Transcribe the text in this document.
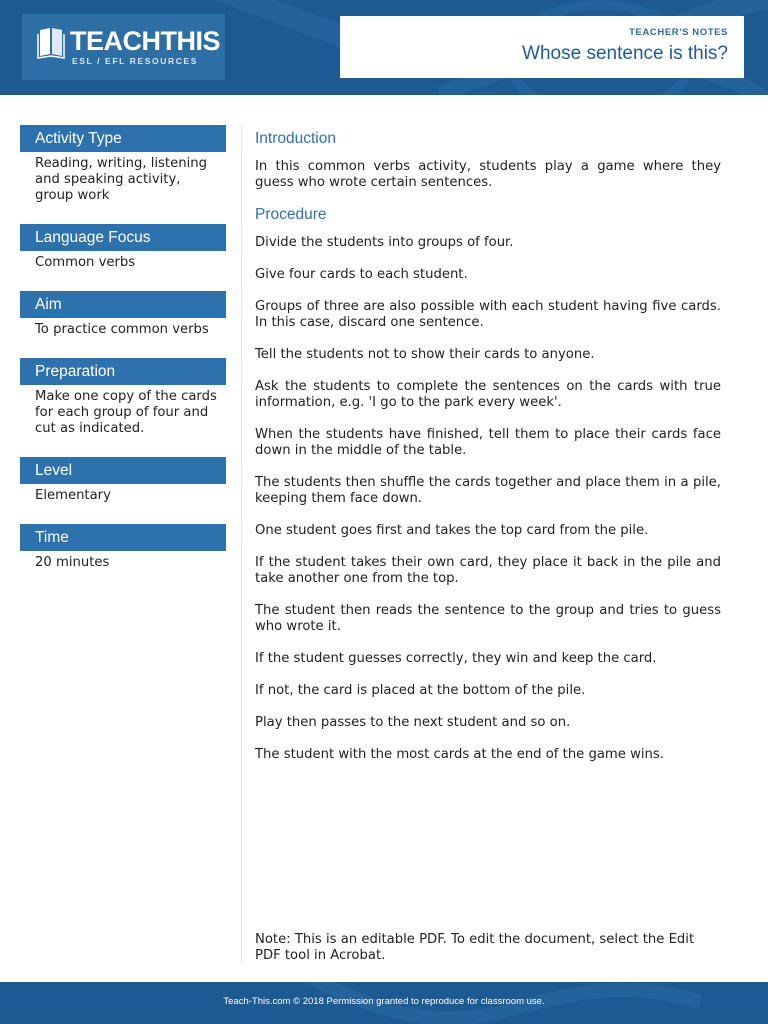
TEACHTHIS
ESL / EFL RESOURCES
TEACHER'S NOTES
Whose sentence is this?
Activity Type
Reading, writing, listening and speaking activity, group work
Language Focus
Common verbs
Aim
To practice common verbs
Preparation
Make one copy of the cards for each group of four and cut as indicated.
Level
Elementary
Time
20 minutes
Introduction
In this common verbs activity, students play a game where they guess who wrote certain sentences.
Procedure
Divide the students into groups of four.
Give four cards to each student.
Groups of three are also possible with each student having five cards. In this case, discard one sentence.
Tell the students not to show their cards to anyone.
Ask the students to complete the sentences on the cards with true information, e.g. 'I go to the park every week'.
When the students have finished, tell them to place their cards face down in the middle of the table.
The students then shuffle the cards together and place them in a pile, keeping them face down.
One student goes first and takes the top card from the pile.
If the student takes their own card, they place it back in the pile and take another one from the top.
The student then reads the sentence to the group and tries to guess who wrote it.
If the student guesses correctly, they win and keep the card.
If not, the card is placed at the bottom of the pile.
Play then passes to the next student and so on.
The student with the most cards at the end of the game wins.
Note: This is an editable PDF. To edit the document, select the Edit PDF tool in Acrobat.
Teach-This.com © 2018 Permission granted to reproduce for classroom use.
